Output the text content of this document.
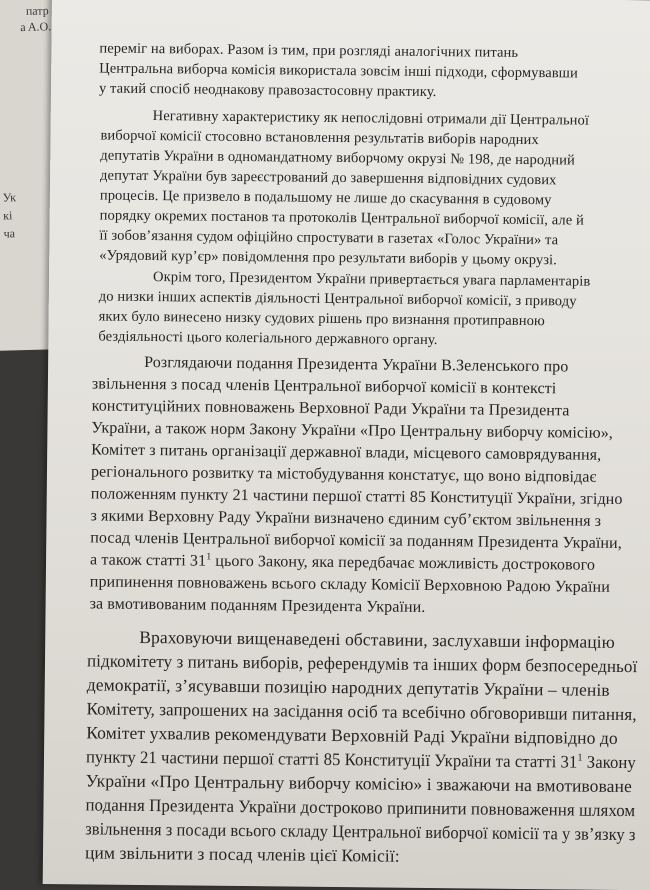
патр
a A.O.
Ук
кі
ча
переміг на виборах. Разом із тим, при розгляді аналогічних питань
Центральна виборча комісія використала зовсім інші підходи, сформувавши
у такий спосіб неоднакову правозастосовну практику.
Негативну характеристику як непослідовні отримали дії Центральної
виборчої комісії стосовно встановлення результатів виборів народних
депутатів України в одномандатному виборчому окрузі № 198, де народний
депутат України був зареєстрований до завершення відповідних судових
процесів. Це призвело в подальшому не лише до скасування в судовому
порядку окремих постанов та протоколів Центральної виборчої комісії, але й
її зобов’язання судом офіційно спростувати в газетах «Голос України» та
«Урядовий кур’єр» повідомлення про результати виборів у цьому окрузі.
Окрім того, Президентом України привертається увага парламентарів
до низки інших аспектів діяльності Центральної виборчої комісії, з приводу
яких було винесено низку судових рішень про визнання протиправною
бездіяльності цього колегіального державного органу.
Розглядаючи подання Президента України В.Зеленського про
звільнення з посад членів Центральної виборчої комісії в контексті
конституційних повноважень Верховної Ради України та Президента
України, а також норм Закону України «Про Центральну виборчу комісію»,
Комітет з питань організації державної влади, місцевого самоврядування,
регіонального розвитку та містобудування констатує, що воно відповідає
положенням пункту 21 частини першої статті 85 Конституції України, згідно
з якими Верховну Раду України визначено єдиним суб’єктом звільнення з
посад членів Центральної виборчої комісії за поданням Президента України,
а також статті $31^1$ цього Закону, яка передбачає можливість дострокового
припинення повноважень всього складу Комісії Верховною Радою України
за вмотивованим поданням Президента України.
Враховуючи вищенаведені обставини, заслухавши інформацію
підкомітету з питань виборів, референдумів та інших форм безпосередньої
демократії, з’ясувавши позицію народних депутатів України – членів
Комітету, запрошених на засідання осіб та всебічно обговоривши питання,
Комітет ухвалив рекомендувати Верховній Раді України відповідно до
пункту 21 частини першої статті 85 Конституції України та статті $31^1$ Закону
України «Про Центральну виборчу комісію» і зважаючи на вмотивоване
подання Президента України достроково припинити повноваження шляхом
звільнення з посади всього складу Центральної виборчої комісії та у зв’язку з
цим звільнити з посад членів цієї Комісії:
